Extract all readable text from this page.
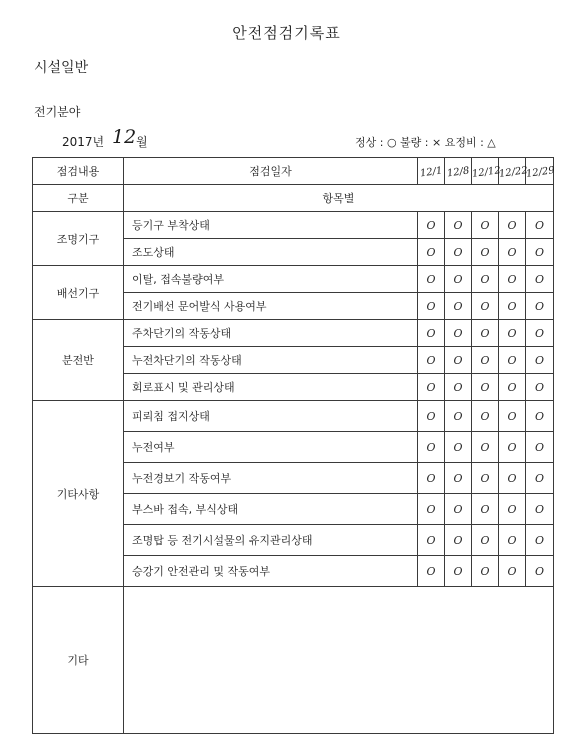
안전점검기록표
시설일반
전기분야
2017년 12 월	정상 : ○ 불량 : × 요정비 : △
점검내용	점검일자	12/1	12/8	12/12	12/22	12/29
구분	항목별					
조명기구	등기구 부착상태	O	O	O	O	O
	조도상태	O	O	O	O	O
배선기구	이탈, 접속불량여부	O	O	O	O	O
	전기배선 문어발식 사용여부	O	O	O	O	O
분전반	주차단기의 작동상태	O	O	O	O	O
	누전차단기의 작동상태	O	O	O	O	O
	회로표시 및 관리상태	O	O	O	O	O
기타사항	피뢰침 접지상태	O	O	O	O	O
	누전여부	O	O	O	O	O
	누전경보기 작동여부	O	O	O	O	O
	부스바 접속, 부식상태	O	O	O	O	O
	조명탑 등 전기시설물의 유지관리상태	O	O	O	O	O
	승강기 안전관리 및 작동여부	O	O	O	O	O
기타						
